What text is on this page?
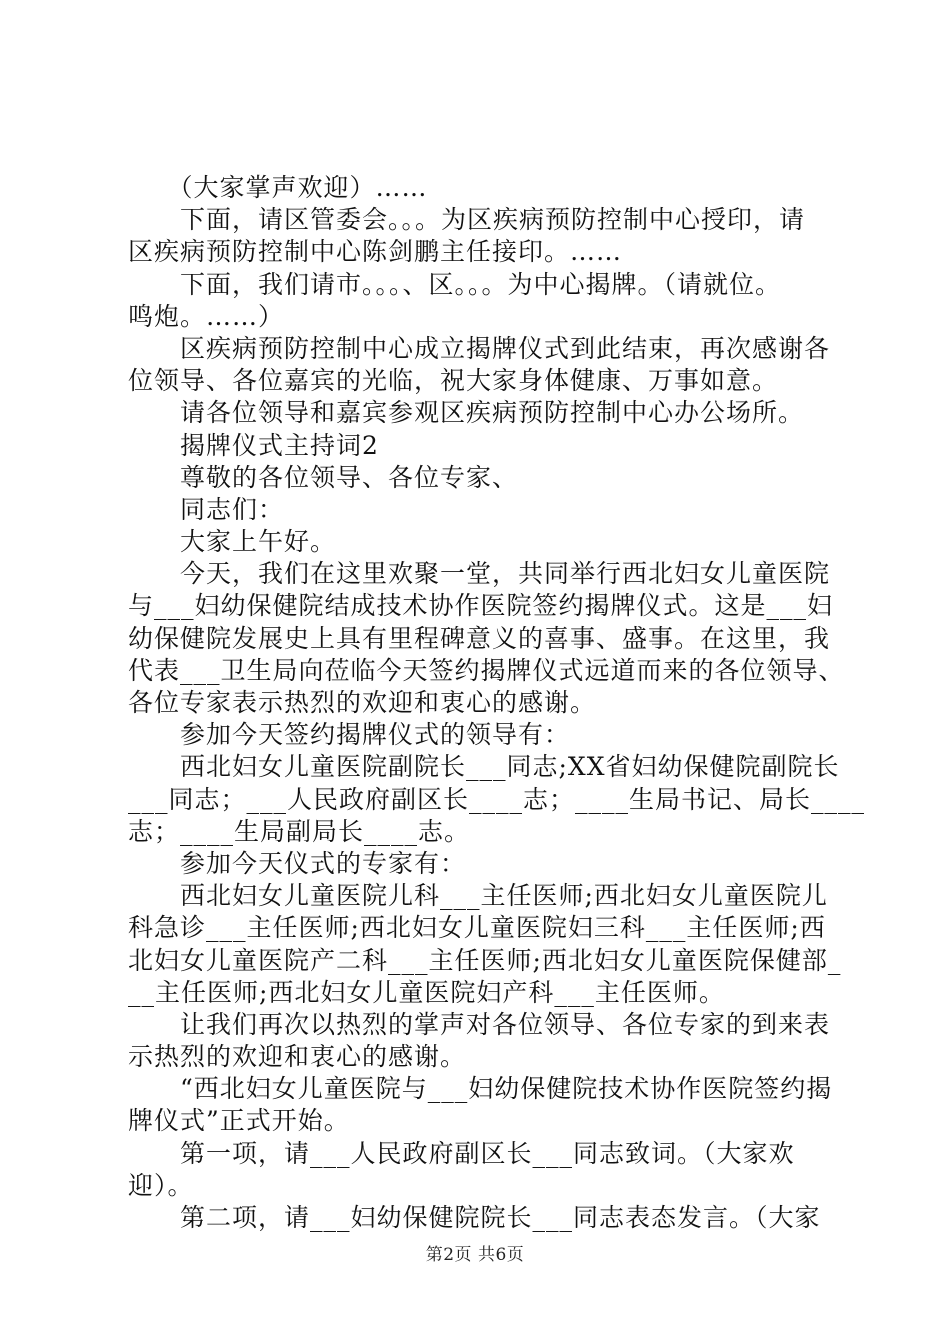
　　（大家掌声欢迎）……
　　下面，请区管委会。。。为区疾病预防控制中心授印，请
区疾病预防控制中心陈剑鹏主任接印。……
　　下面，我们请市。。。、区。。。为中心揭牌。（请就位。
鸣炮。……）
　　区疾病预防控制中心成立揭牌仪式到此结束，再次感谢各
位领导、各位嘉宾的光临，祝大家身体健康、万事如意。
　　请各位领导和嘉宾参观区疾病预防控制中心办公场所。
　　揭牌仪式主持词2
　　尊敬的各位领导、各位专家、
　　同志们：
　　大家上午好。
　　今天，我们在这里欢聚一堂，共同举行西北妇女儿童医院
与___妇幼保健院结成技术协作医院签约揭牌仪式。这是___妇
幼保健院发展史上具有里程碑意义的喜事、盛事。在这里，我
代表___卫生局向莅临今天签约揭牌仪式远道而来的各位领导、
各位专家表示热烈的欢迎和衷心的感谢。
　　参加今天签约揭牌仪式的领导有：
　　西北妇女儿童医院副院长___同志;XX省妇幼保健院副院长
___同志；___人民政府副区长____志；____生局书记、局长____
志；____生局副局长____志。
　　参加今天仪式的专家有：
　　西北妇女儿童医院儿科___主任医师;西北妇女儿童医院儿
科急诊___主任医师;西北妇女儿童医院妇三科___主任医师;西
北妇女儿童医院产二科___主任医师;西北妇女儿童医院保健部_
__主任医师;西北妇女儿童医院妇产科___主任医师。
　　让我们再次以热烈的掌声对各位领导、各位专家的到来表
示热烈的欢迎和衷心的感谢。
　　“西北妇女儿童医院与___妇幼保健院技术协作医院签约揭
牌仪式”正式开始。
　　第一项，请___人民政府副区长___同志致词。（大家欢
迎）。
　　第二项，请___妇幼保健院院长___同志表态发言。（大家
第2页 共6页
